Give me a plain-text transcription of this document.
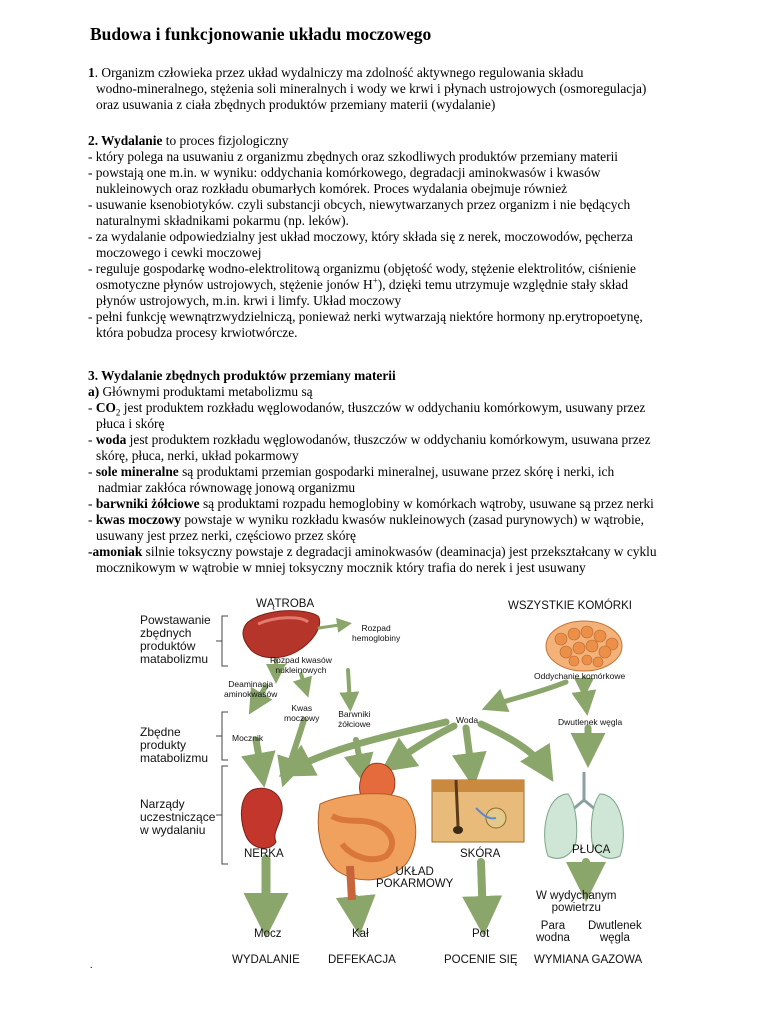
Budowa i funkcjonowanie układu moczowego
1. Organizm człowieka przez układ wydalniczy ma zdolność aktywnego regulowania składu
wodno-mineralnego, stężenia soli mineralnych i wody we krwi i płynach ustrojowych (osmoregulacja)
oraz usuwania z ciała zbędnych produktów przemiany materii (wydalanie)
2. Wydalanie to proces fizjologiczny
- który polega na usuwaniu z organizmu zbędnych oraz szkodliwych produktów przemiany materii
- powstają one m.in. w wyniku: oddychania komórkowego, degradacji aminokwasów i kwasów
nukleinowych oraz rozkładu obumarłych komórek. Proces wydalania obejmuje również
- usuwanie ksenobiotyków. czyli substancji obcych, niewytwarzanych przez organizm i nie będących
naturalnymi składnikami pokarmu (np. leków).
- za wydalanie odpowiedzialny jest układ moczowy, który składa się z nerek, moczowodów, pęcherza
moczowego i cewki moczowej
- reguluje gospodarkę wodno-elektrolitową organizmu (objętość wody, stężenie elektrolitów, ciśnienie
osmotyczne płynów ustrojowych, stężenie jonów H+), dzięki temu utrzymuje względnie stały skład
płynów ustrojowych, m.in. krwi i limfy. Układ moczowy
- pełni funkcję wewnątrzwydzielniczą, ponieważ nerki wytwarzają niektóre hormony np.erytropoetynę,
która pobudza procesy krwiotwórcze.
3. Wydalanie zbędnych produktów przemiany materii
a) Głównymi produktami metabolizmu są
- $CO_2$ jest produktem rozkładu węglowodanów, tłuszczów w oddychaniu komórkowym, usuwany przez
płuca i skórę
- woda jest produktem rozkładu węglowodanów, tłuszczów w oddychaniu komórkowym, usuwana przez
skórę, płuca, nerki, układ pokarmowy
- sole mineralne są produktami przemian gospodarki mineralnej, usuwane przez skórę i nerki, ich
nadmiar zakłóca równowagę jonową organizmu
- barwniki żółciowe są produktami rozpadu hemoglobiny w komórkach wątroby, usuwane są przez nerki
- kwas moczowy powstaje w wyniku rozkładu kwasów nukleinowych (zasad purynowych) w wątrobie,
usuwany jest przez nerki, częściowo przez skórę
-amoniak silnie toksyczny powstaje z degradacji aminokwasów (deaminacja) jest przekształcany w cyklu
mocznikowym w wątrobie w mniej toksyczny mocznik który trafia do nerek i jest usuwany
Powstawanie
zbędnych
produktów
matabolizmu
Zbędne
produkty
matabolizmu
Narządy
uczestniczące
w wydalaniu
WĄTROBA	WSZYSTKIE KOMÓRKI
Rozpad
hemoglobiny
Rozpad kwasów
nukleinowych
Deaminacja
aminokwasów
Kwas
moczowy Barwniki
żółciowe
Mocznik
Oddychanie komórkowe
Woda	Dwutlenek węgla
NERKA
UKŁAD
POKARMOWY
SKÓRA	PŁUCA
W wydychanym
powietrzu
Para
wodna
Dwutlenek
węgla
Mocz	Kał	Pot
WYDALANIE DEFEKACJA	POCENIE SIĘ WYMIANA GAZOWA
.
